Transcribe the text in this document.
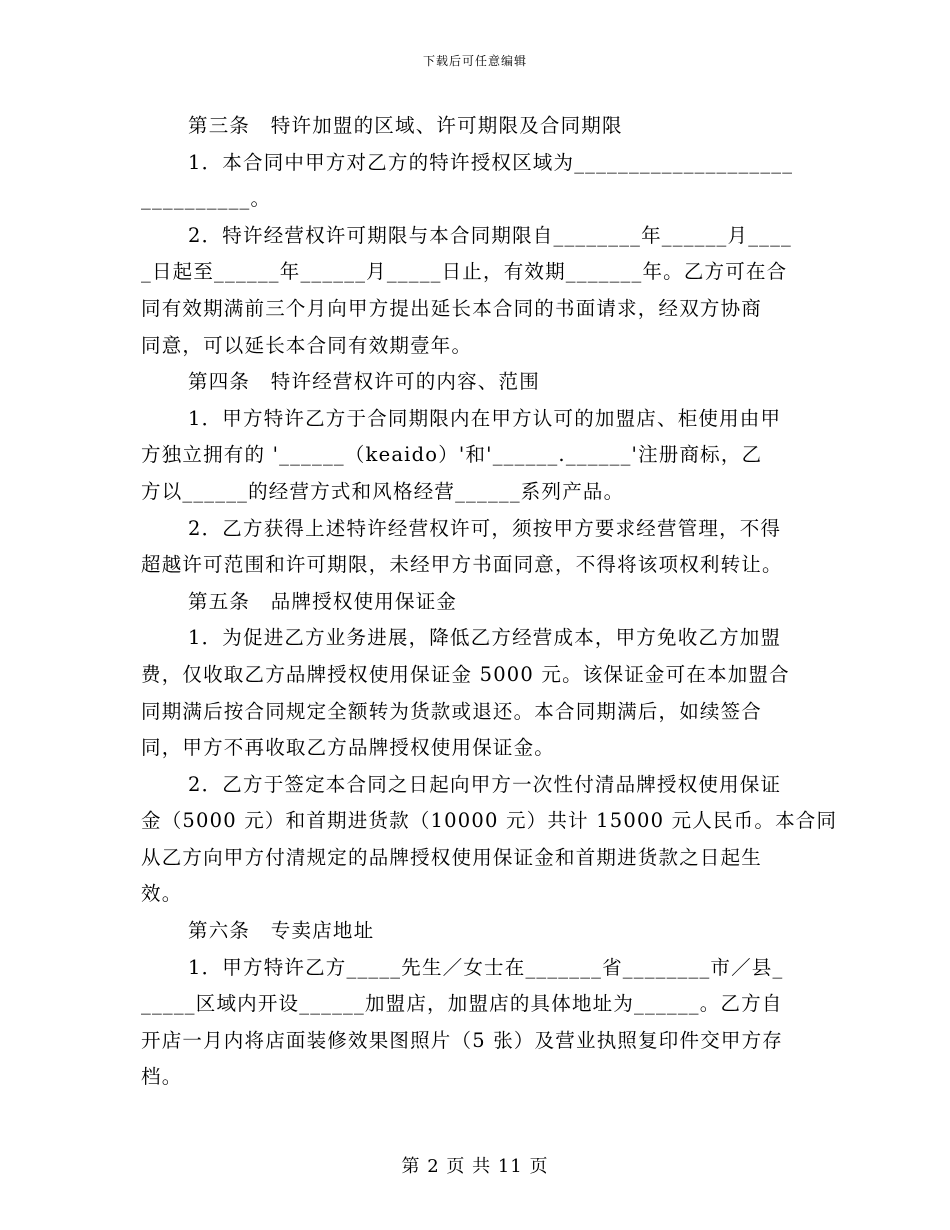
下载后可任意编辑
第三条　特许加盟的区域、许可期限及合同期限
1．本合同中甲方对乙方的特许授权区域为____________________
__________。
2．特许经营权许可期限与本合同期限自________年______月____
_日起至______年______月_____日止，有效期_______年。乙方可在合
同有效期满前三个月向甲方提出延长本合同的书面请求，经双方协商
同意，可以延长本合同有效期壹年。
第四条　特许经营权许可的内容、范围
1．甲方特许乙方于合同期限内在甲方认可的加盟店、柜使用由甲
方独立拥有的 '______（keaido）'和'______.______'注册商标，乙
方以______的经营方式和风格经营______系列产品。
2．乙方获得上述特许经营权许可，须按甲方要求经营管理，不得
超越许可范围和许可期限，未经甲方书面同意，不得将该项权利转让。
第五条　品牌授权使用保证金
1．为促进乙方业务进展，降低乙方经营成本，甲方免收乙方加盟
费，仅收取乙方品牌授权使用保证金 5000 元。该保证金可在本加盟合
同期满后按合同规定全额转为货款或退还。本合同期满后，如续签合
同，甲方不再收取乙方品牌授权使用保证金。
2．乙方于签定本合同之日起向甲方一次性付清品牌授权使用保证
金（5000 元）和首期进货款（10000 元）共计 15000 元人民币。本合同
从乙方向甲方付清规定的品牌授权使用保证金和首期进货款之日起生
效。
第六条　专卖店地址
1．甲方特许乙方_____先生／女士在_______省________市／县_
_____区域内开设______加盟店，加盟店的具体地址为______。乙方自
开店一月内将店面装修效果图照片（5 张）及营业执照复印件交甲方存
档。
第 2 页 共 11 页
